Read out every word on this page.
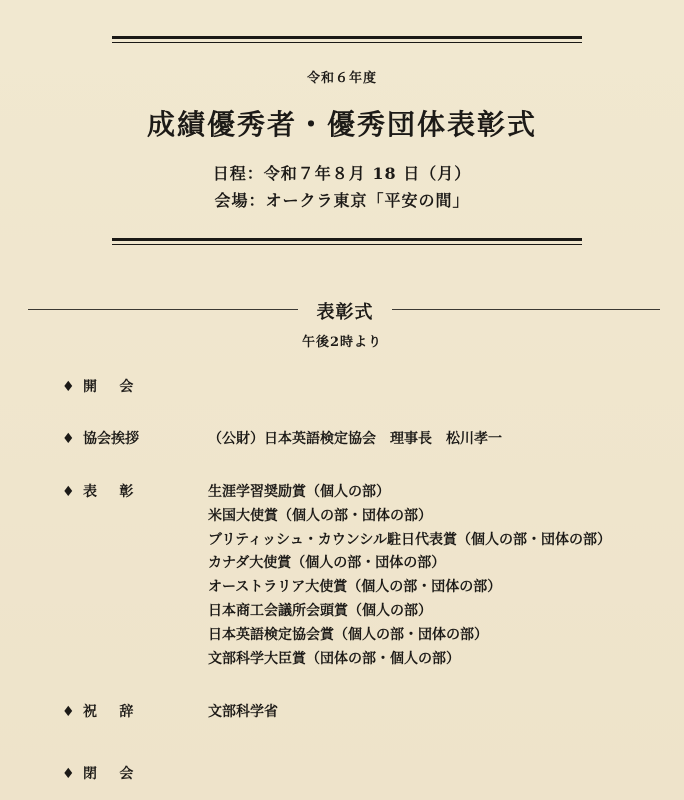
令和６年度
成績優秀者・優秀団体表彰式
日程：令和７年８月 18 日（月）
会場：オークラ東京「平安の間」
表彰式
午後2時より
♦ 開会
♦ 協会挨拶	（公財）日本英語検定協会　理事長　松川孝一
♦ 表彰	生涯学習奨励賞（個人の部）
米国大使賞（個人の部・団体の部）
ブリティッシュ・カウンシル駐日代表賞（個人の部・団体の部）
カナダ大使賞（個人の部・団体の部）
オーストラリア大使賞（個人の部・団体の部）
日本商工会議所会頭賞（個人の部）
日本英語検定協会賞（個人の部・団体の部）
文部科学大臣賞（団体の部・個人の部）
♦ 祝辞	文部科学省
♦ 閉会
